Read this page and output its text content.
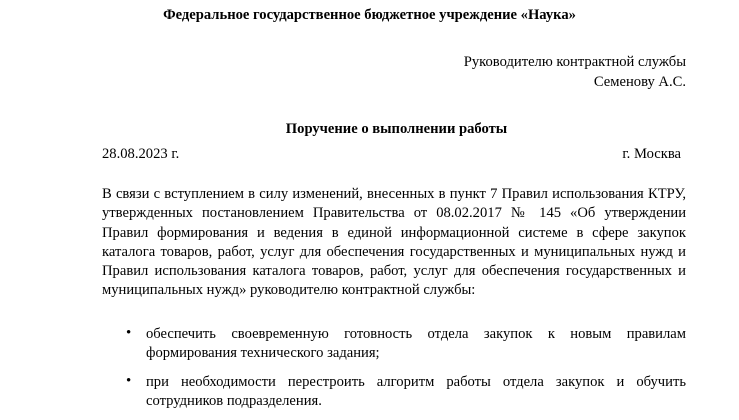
Федеральное государственное бюджетное учреждение «Наука»
Руководителю контрактной службы
Семенову А.С.
Поручение о выполнении работы
28.08.2023 г.	г. Москва
В связи с вступлением в силу изменений, внесенных в пункт 7 Правил использования КТРУ, утвержденных постановлением Правительства от 08.02.2017 № 145 «Об утверждении Правил формирования и ведения в единой информационной системе в сфере закупок каталога товаров, работ, услуг для обеспечения государственных и муниципальных нужд и Правил использования каталога товаров, работ, услуг для обеспечения государственных и муниципальных нужд» руководителю контрактной службы:
• обеспечить своевременную готовность отдела закупок к новым правилам формирования технического задания;
• при необходимости перестроить алгоритм работы отдела закупок и обучить сотрудников подразделения.
